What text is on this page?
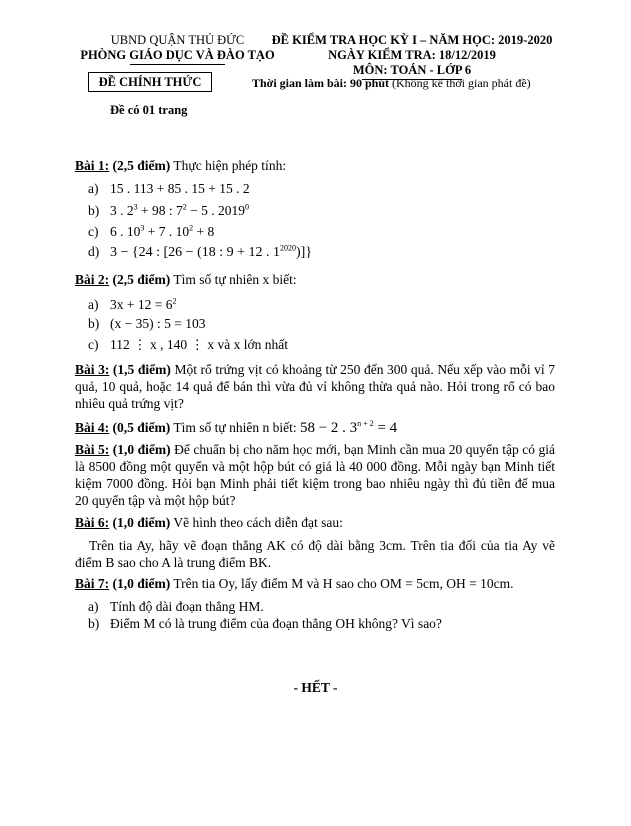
UBND QUẬN THỦ ĐỨC
PHÒNG GIÁO DỤC VÀ ĐÀO TẠO
ĐỀ CHÍNH THỨC
Đề có 01 trang
ĐỀ KIỂM TRA HỌC KỲ I – NĂM HỌC: 2019-2020
NGÀY KIỂM TRA: 18/12/2019
MÔN: TOÁN - LỚP 6
Thời gian làm bài: 90 phút (Không kể thời gian phát đề)
Bài 1: (2,5 điểm) Thực hiện phép tính:
a) 15 . 113 + 85 . 15 + 15 . 2
b) 3 . $2^3 + 98$ : $7^2 - 5$ . 2019$^0$
c) 6 . $10^3 + 7$ . $10^2 + 8$
d) 3 − {24 : [26 − (18 : 9 + 12 . $1^{2020}$)]}
Bài 2: (2,5 điểm) Tìm số tự nhiên x biết:
a) $3x + 12 = 6^2$
b) (x − 35) : 5 = 103
c) 112 ⋮ x , 140 ⋮ x và x lớn nhất
Bài 3: (1,5 điểm) Một rổ trứng vịt có khoảng từ 250 đến 300 quả. Nếu xếp vào mỗi vỉ 7 quả, 10 quả, hoặc 14 quả để bán thì vừa đủ vỉ không thừa quả nào. Hỏi trong rổ có bao nhiêu quả trứng vịt?
Bài 4: (0,5 điểm) Tìm số tự nhiên n biết: 58 − 2 . $3^{n + 2} = 4$
Bài 5: (1,0 điểm) Để chuẩn bị cho năm học mới, bạn Minh cần mua 20 quyển tập có giá là 8500 đồng một quyển và một hộp bút có giá là 40 000 đồng. Mỗi ngày bạn Minh tiết kiệm 7000 đồng. Hỏi bạn Minh phải tiết kiệm trong bao nhiêu ngày thì đủ tiền để mua 20 quyển tập và một hộp bút?
Bài 6: (1,0 điểm) Vẽ hình theo cách diễn đạt sau:
Trên tia Ay, hãy vẽ đoạn thẳng AK có độ dài bằng 3cm. Trên tia đối của tia Ay vẽ điểm B sao cho A là trung điểm BK.
Bài 7: (1,0 điểm) Trên tia Oy, lấy điểm M và H sao cho OM = 5cm, OH = 10cm.
a) Tính độ dài đoạn thẳng HM.
b) Điểm M có là trung điểm của đoạn thẳng OH không? Vì sao?
- HẾT -
